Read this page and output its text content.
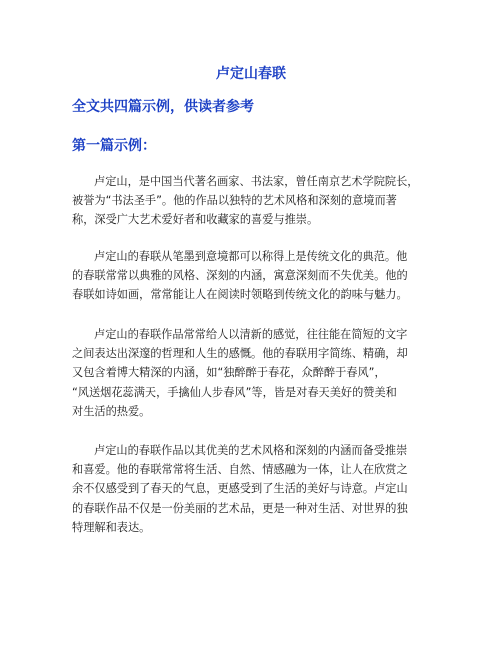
卢定山春联
全文共四篇示例，供读者参考
第一篇示例：
卢定山，是中国当代著名画家、书法家，曾任南京艺术学院院长，
被誉为“书法圣手”。他的作品以独特的艺术风格和深刻的意境而著
称，深受广大艺术爱好者和收藏家的喜爱与推崇。
卢定山的春联从笔墨到意境都可以称得上是传统文化的典范。他
的春联常常以典雅的风格、深刻的内涵，寓意深刻而不失优美。他的
春联如诗如画，常常能让人在阅读时领略到传统文化的韵味与魅力。
卢定山的春联作品常常给人以清新的感觉，往往能在简短的文字
之间表达出深邃的哲理和人生的感慨。他的春联用字简练、精确，却
又包含着博大精深的内涵，如“独醉醉于春花，众醉醉于春风”，
“风送烟花蕊满天，手擒仙人步春风”等，皆是对春天美好的赞美和
对生活的热爱。
卢定山的春联作品以其优美的艺术风格和深刻的内涵而备受推崇
和喜爱。他的春联常常将生活、自然、情感融为一体，让人在欣赏之
余不仅感受到了春天的气息，更感受到了生活的美好与诗意。卢定山
的春联作品不仅是一份美丽的艺术品，更是一种对生活、对世界的独
特理解和表达。
